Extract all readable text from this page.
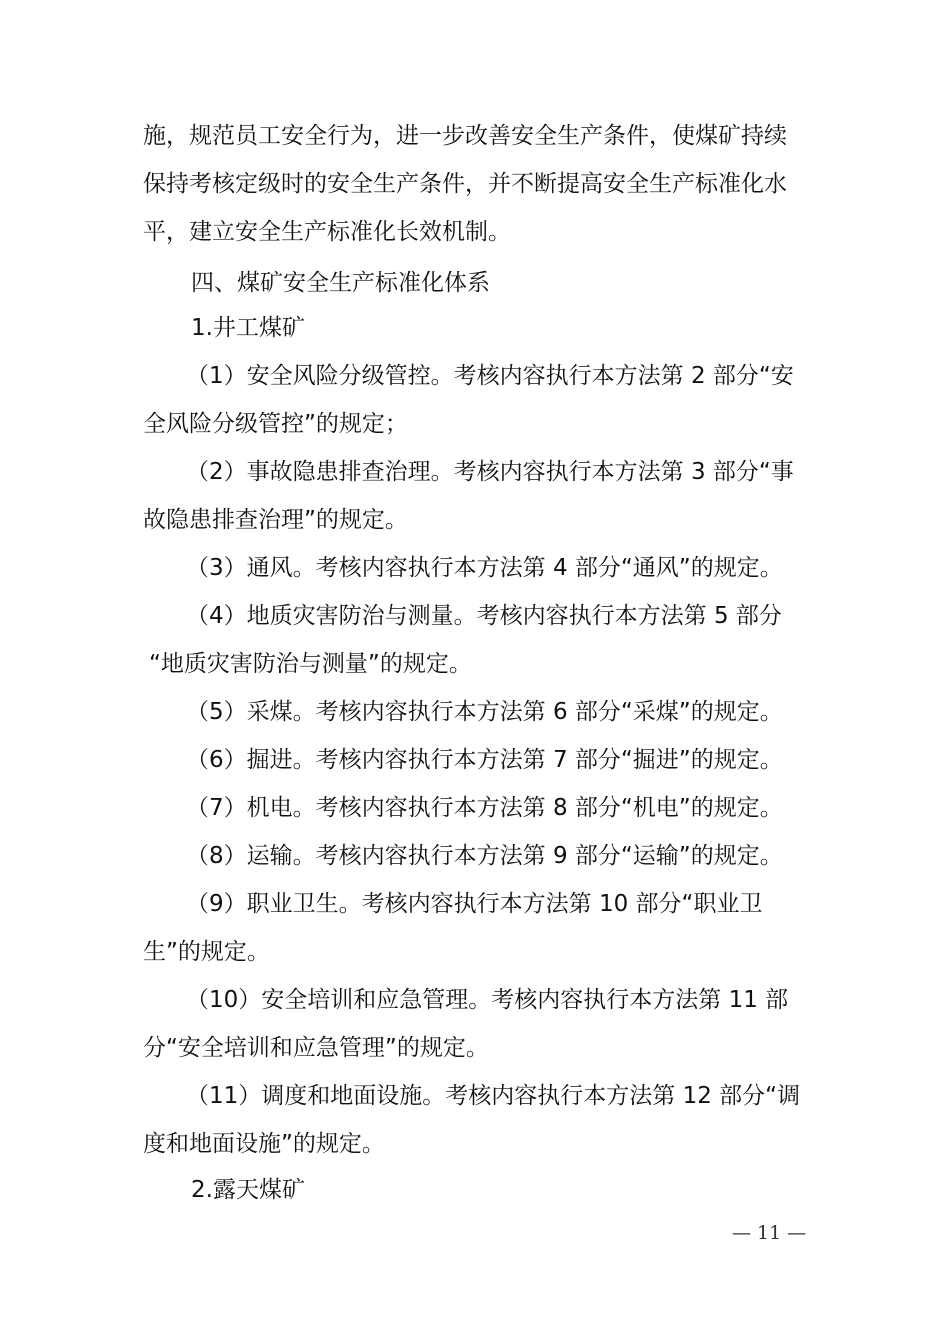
施，规范员工安全行为，进一步改善安全生产条件，使煤矿持续
保持考核定级时的安全生产条件，并不断提高安全生产标准化水
平，建立安全生产标准化长效机制。
四、煤矿安全生产标准化体系
1.井工煤矿
（1）安全风险分级管控。考核内容执行本方法第 2 部分“安
全风险分级管控”的规定；
（2）事故隐患排查治理。考核内容执行本方法第 3 部分“事
故隐患排查治理”的规定。
（3）通风。考核内容执行本方法第 4 部分“通风”的规定。
（4）地质灾害防治与测量。考核内容执行本方法第 5 部分
“地质灾害防治与测量”的规定。
（5）采煤。考核内容执行本方法第 6 部分“采煤”的规定。
（6）掘进。考核内容执行本方法第 7 部分“掘进”的规定。
（7）机电。考核内容执行本方法第 8 部分“机电”的规定。
（8）运输。考核内容执行本方法第 9 部分“运输”的规定。
（9）职业卫生。考核内容执行本方法第 10 部分“职业卫
生”的规定。
（10）安全培训和应急管理。考核内容执行本方法第 11 部
分“安全培训和应急管理”的规定。
（11）调度和地面设施。考核内容执行本方法第 12 部分“调
度和地面设施”的规定。
2.露天煤矿
— 11 —
